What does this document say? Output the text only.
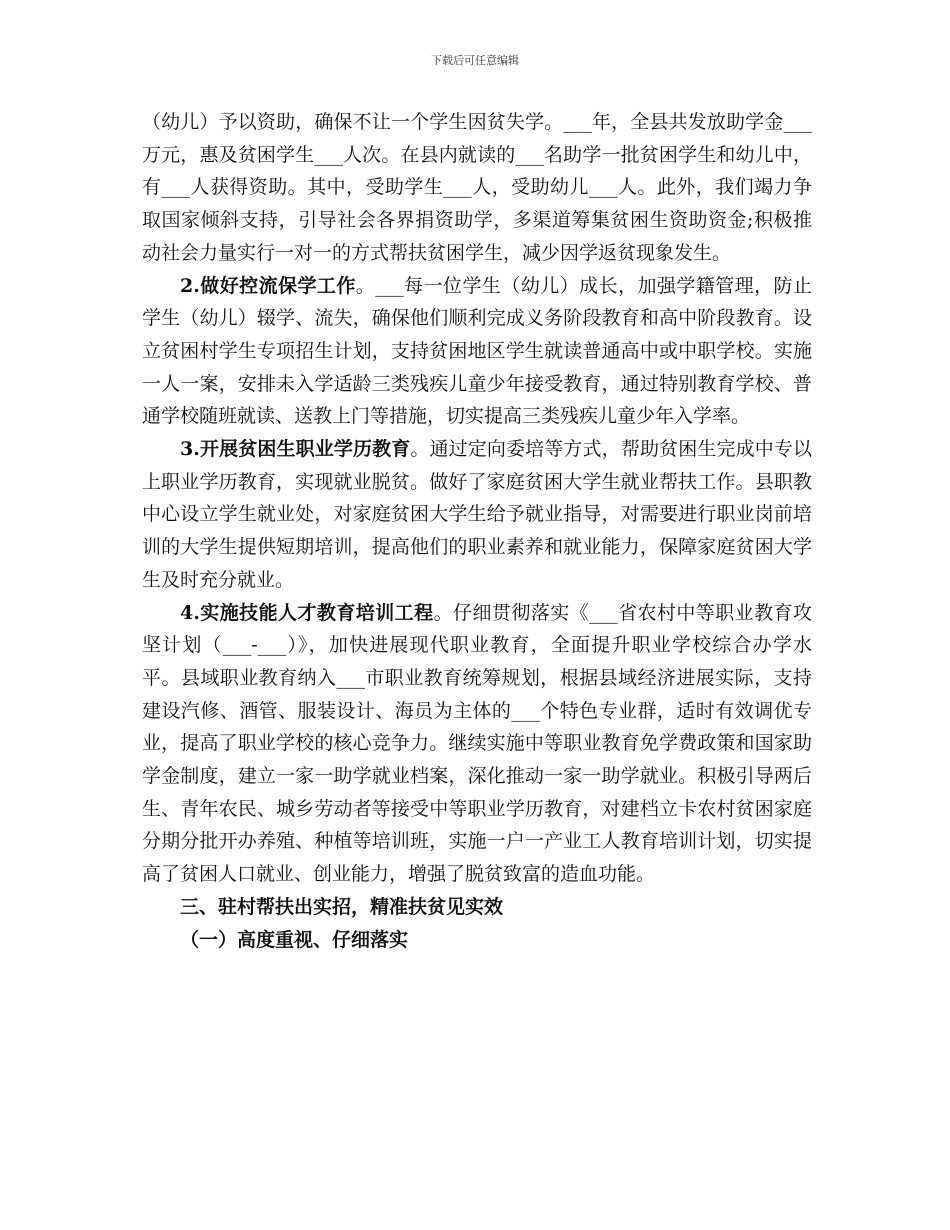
下载后可任意编辑

（幼儿）予以资助，确保不让一个学生因贫失学。___年，全县共发放助学金___万元，惠及贫困学生___人次。在县内就读的___名助学一批贫困学生和幼儿中，有___人获得资助。其中，受助学生___人，受助幼儿___人。此外，我们竭力争取国家倾斜支持，引导社会各界捐资助学，多渠道筹集贫困生资助资金;积极推动社会力量实行一对一的方式帮扶贫困学生，减少因学返贫现象发生。

2.做好控流保学工作。___每一位学生（幼儿）成长，加强学籍管理，防止学生（幼儿）辍学、流失，确保他们顺利完成义务阶段教育和高中阶段教育。设立贫困村学生专项招生计划，支持贫困地区学生就读普通高中或中职学校。实施一人一案，安排未入学适龄三类残疾儿童少年接受教育，通过特别教育学校、普通学校随班就读、送教上门等措施，切实提高三类残疾儿童少年入学率。

3.开展贫困生职业学历教育。通过定向委培等方式，帮助贫困生完成中专以上职业学历教育，实现就业脱贫。做好了家庭贫困大学生就业帮扶工作。县职教中心设立学生就业处，对家庭贫困大学生给予就业指导，对需要进行职业岗前培训的大学生提供短期培训，提高他们的职业素养和就业能力，保障家庭贫困大学生及时充分就业。

4.实施技能人才教育培训工程。仔细贯彻落实《___省农村中等职业教育攻坚计划（___-___）》，加快进展现代职业教育，全面提升职业学校综合办学水平。县域职业教育纳入___市职业教育统筹规划，根据县域经济进展实际，支持建设汽修、酒管、服装设计、海员为主体的___个特色专业群，适时有效调优专业，提高了职业学校的核心竞争力。继续实施中等职业教育免学费政策和国家助学金制度，建立一家一助学就业档案，深化推动一家一助学就业。积极引导两后生、青年农民、城乡劳动者等接受中等职业学历教育，对建档立卡农村贫困家庭分期分批开办养殖、种植等培训班，实施一户一产业工人教育培训计划，切实提高了贫困人口就业、创业能力，增强了脱贫致富的造血功能。

三、驻村帮扶出实招，精准扶贫见实效

（一）高度重视、仔细落实
